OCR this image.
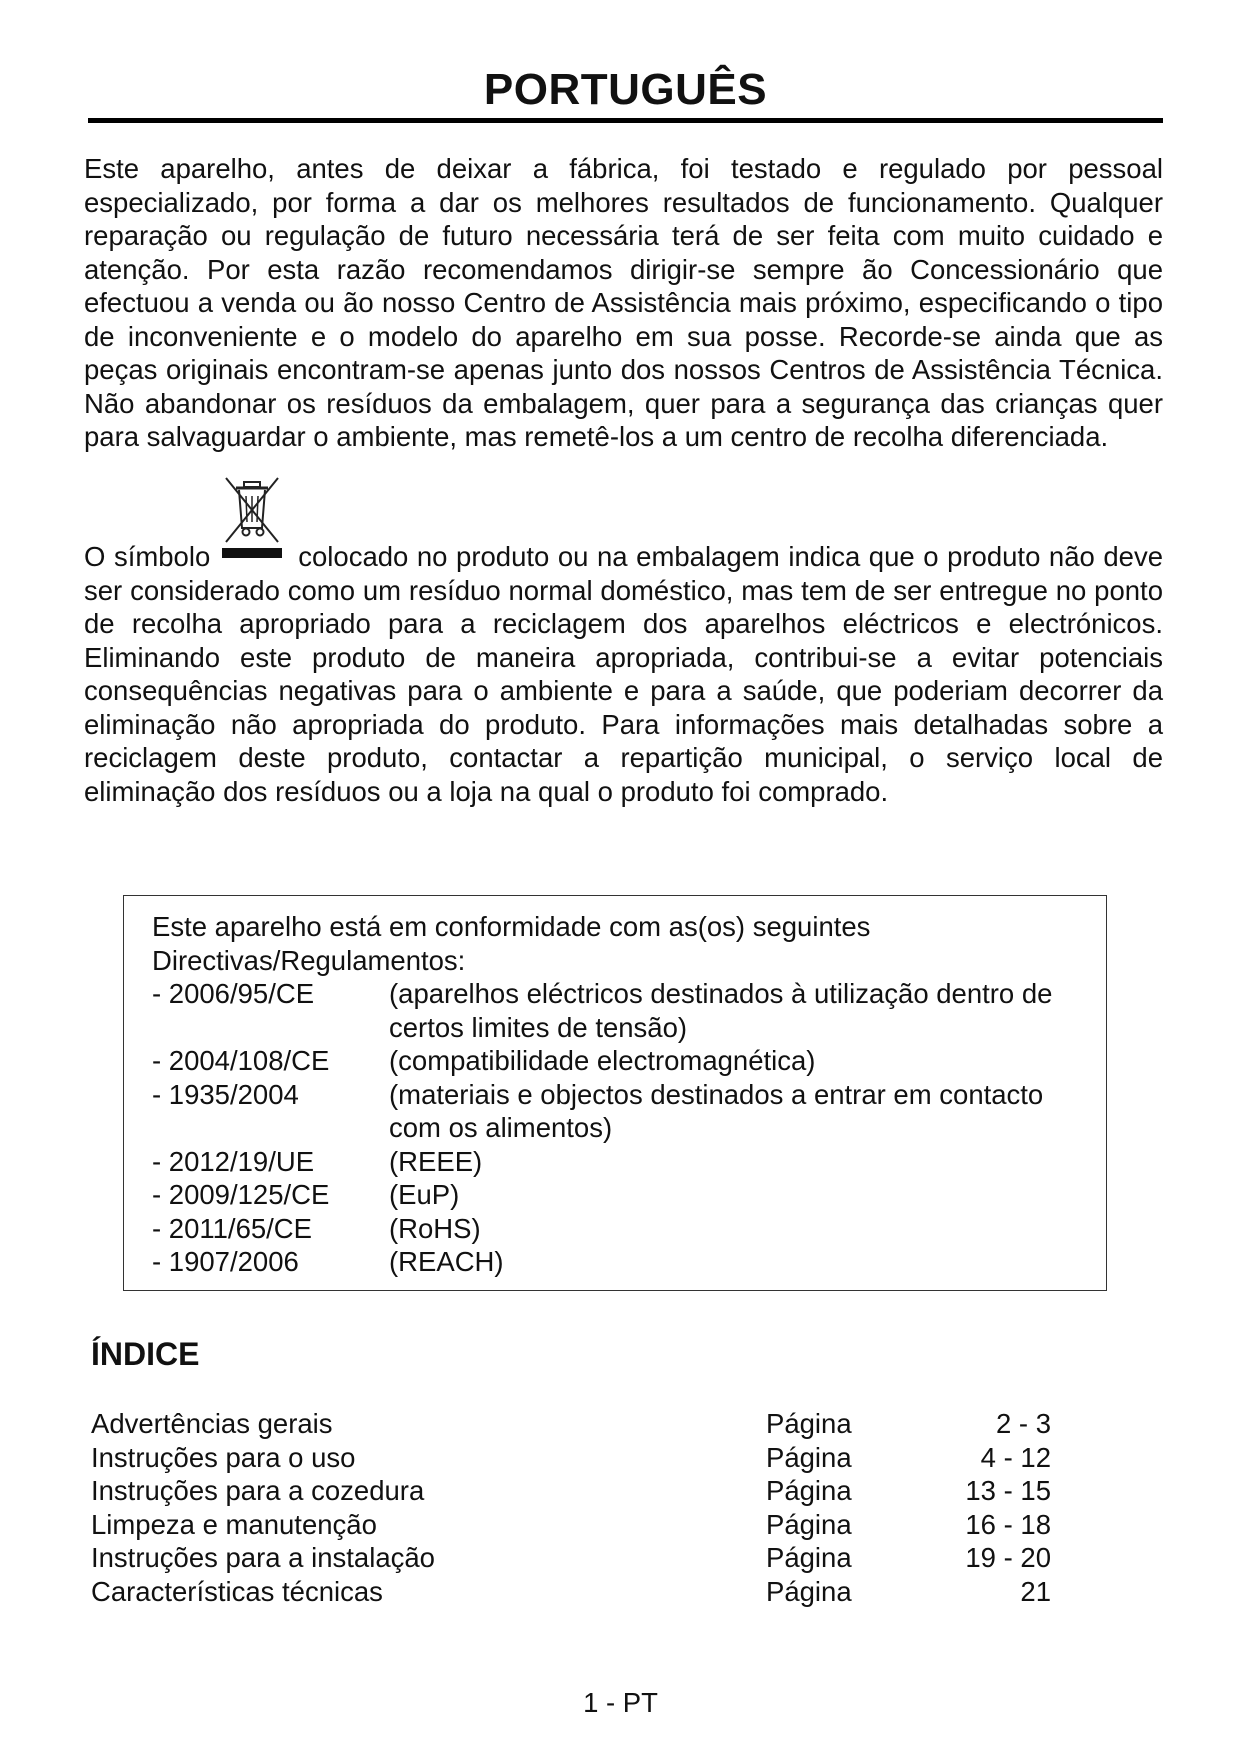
PORTUGUÊS

Este aparelho, antes de deixar a fábrica, foi testado e regulado por pessoal especializado, por forma a dar os melhores resultados de funcionamento. Qualquer reparação ou regulação de futuro necessária terá de ser feita com muito cuidado e atenção. Por esta razão recomendamos dirigir-se sempre ão Concessionário que efectuou a venda ou ão nosso Centro de Assistência mais próximo, especificando o tipo de inconveniente e o modelo do aparelho em sua posse. Recorde-se ainda que as peças originais encontram-se apenas junto dos nossos Centros de Assistência Técnica. Não abandonar os resíduos da embalagem, quer para a segurança das crianças quer para salvaguardar o ambiente, mas remetê-los a um centro de recolha diferenciada.

O símbolo	colocado no produto ou na embalagem indica que o produto não deve ser considerado como um resíduo normal doméstico, mas tem de ser entregue no ponto de recolha apropriado para a reciclagem dos aparelhos eléctricos e electrónicos. Eliminando este produto de maneira apropriada, contribui-se a evitar potenciais consequências negativas para o ambiente e para a saúde, que poderiam decorrer da eliminação não apropriada do produto. Para informações mais detalhadas sobre a reciclagem deste produto, contactar a repartição municipal, o serviço local de eliminação dos resíduos ou a loja na qual o produto foi comprado.

Este aparelho está em conformidade com as(os) seguintes Directivas/Regulamentos:
- 2006/95/CE	(aparelhos eléctricos destinados à utilização dentro de certos limites de tensão)
- 2004/108/CE	(compatibilidade electromagnética)
- 1935/2004	(materiais e objectos destinados a entrar em contacto com os alimentos)
- 2012/19/UE	(REEE)
- 2009/125/CE	(EuP)
- 2011/65/CE	(RoHS)
- 1907/2006	(REACH)
ÍNDICE
Advertências gerais	Página	2 - 3
Instruções para o uso	Página	4 - 12
Instruções para a cozedura	Página	13 - 15
Limpeza e manutenção	Página	16 - 18
Instruções para a instalação	Página	19 - 20
Características técnicas	Página	21
1 - PT
